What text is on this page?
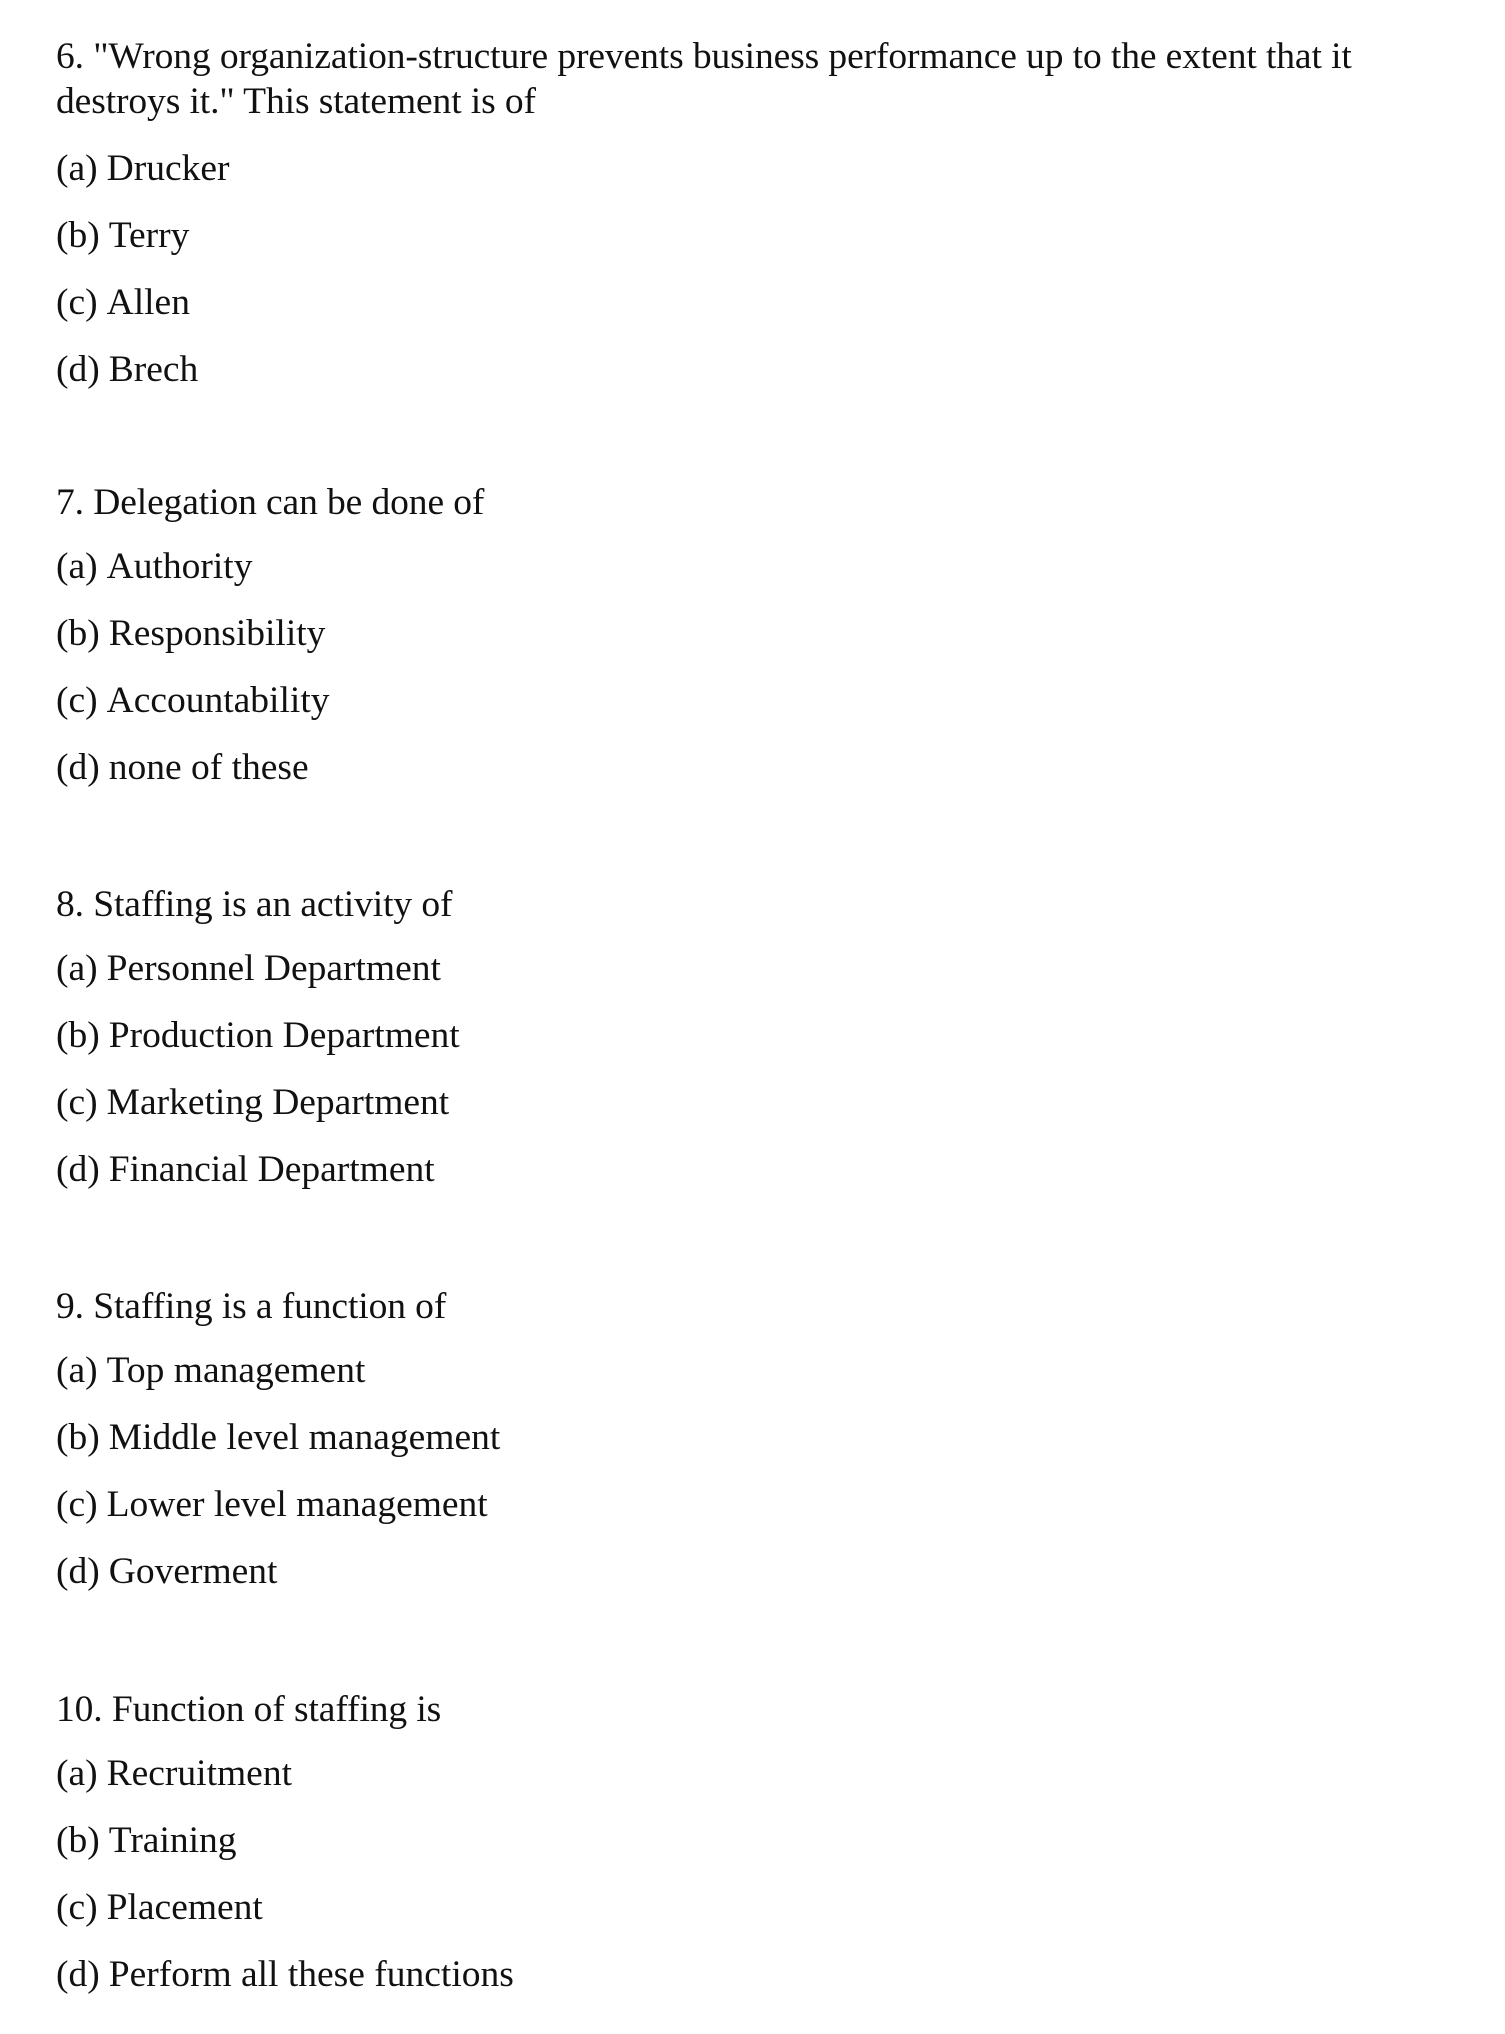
6. "Wrong organization-structure prevents business performance up to the extent that it destroys it." This statement is of

(a) Drucker
(b) Terry
(c) Allen
(d) Brech

7. Delegation can be done of

(a) Authority
(b) Responsibility
(c) Accountability
(d) none of these

8. Staffing is an activity of

(a) Personnel Department
(b) Production Department
(c) Marketing Department
(d) Financial Department

9. Staffing is a function of

(a) Top management
(b) Middle level management
(c) Lower level management
(d) Goverment

10. Function of staffing is

(a) Recruitment
(b) Training
(c) Placement
(d) Perform all these functions
